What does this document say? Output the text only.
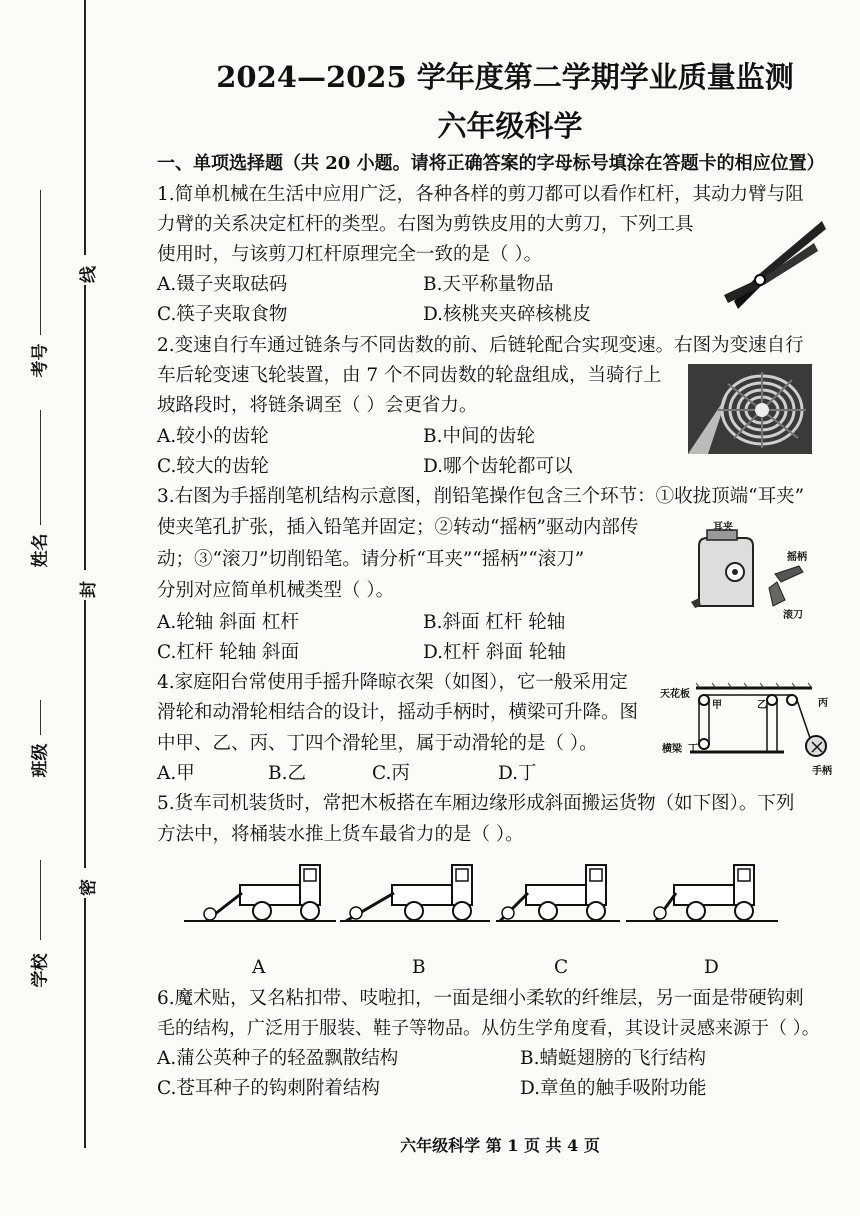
线
封
密
考号
姓名
班级
学校
2024—2025 学年度第二学期学业质量监测
六年级科学
一、单项选择题（共 20 小题。请将正确答案的字母标号填涂在答题卡的相应位置）
1.简单机械在生活中应用广泛，各种各样的剪刀都可以看作杠杆，其动力臂与阻
力臂的关系决定杠杆的类型。右图为剪铁皮用的大剪刀，下列工具
使用时，与该剪刀杠杆原理完全一致的是（ ）。
A.镊子夹取砝码	B.天平称量物品
C.筷子夹取食物	D.核桃夹夹碎核桃皮
2.变速自行车通过链条与不同齿数的前、后链轮配合实现变速。右图为变速自行
车后轮变速飞轮装置，由 7 个不同齿数的轮盘组成，当骑行上
坡路段时，将链条调至（ ）会更省力。
A.较小的齿轮	B.中间的齿轮
C.较大的齿轮	D.哪个齿轮都可以
3.右图为手摇削笔机结构示意图，削铅笔操作包含三个环节：①收拢顶端“耳夹”
使夹笔孔扩张，插入铅笔并固定；②转动“摇柄”驱动内部传
动；③“滚刀”切削铅笔。请分析“耳夹”“摇柄”“滚刀”
分别对应简单机械类型（ ）。
A.轮轴 斜面 杠杆	B.斜面 杠杆 轮轴
C.杠杆 轮轴 斜面	D.杠杆 斜面 轮轴
耳夹
摇柄
滚刀
4.家庭阳台常使用手摇升降晾衣架（如图），它一般采用定
滑轮和动滑轮相结合的设计，摇动手柄时，横梁可升降。图
中甲、乙、丙、丁四个滑轮里，属于动滑轮的是（ ）。
A.甲	B.乙	C.丙	D.丁
天花板
甲	乙	丙
横梁 丁
手柄
5.货车司机装货时，常把木板搭在车厢边缘形成斜面搬运货物（如下图）。下列
方法中，将桶装水推上货车最省力的是（ ）。
A	B	C	D
6.魔术贴，又名粘扣带、吱啦扣，一面是细小柔软的纤维层，另一面是带硬钩刺
毛的结构，广泛用于服装、鞋子等物品。从仿生学角度看，其设计灵感来源于（ ）。
A.蒲公英种子的轻盈飘散结构	B.蜻蜓翅膀的飞行结构
C.苍耳种子的钩刺附着结构	D.章鱼的触手吸附功能
六年级科学 第 1 页 共 4 页
